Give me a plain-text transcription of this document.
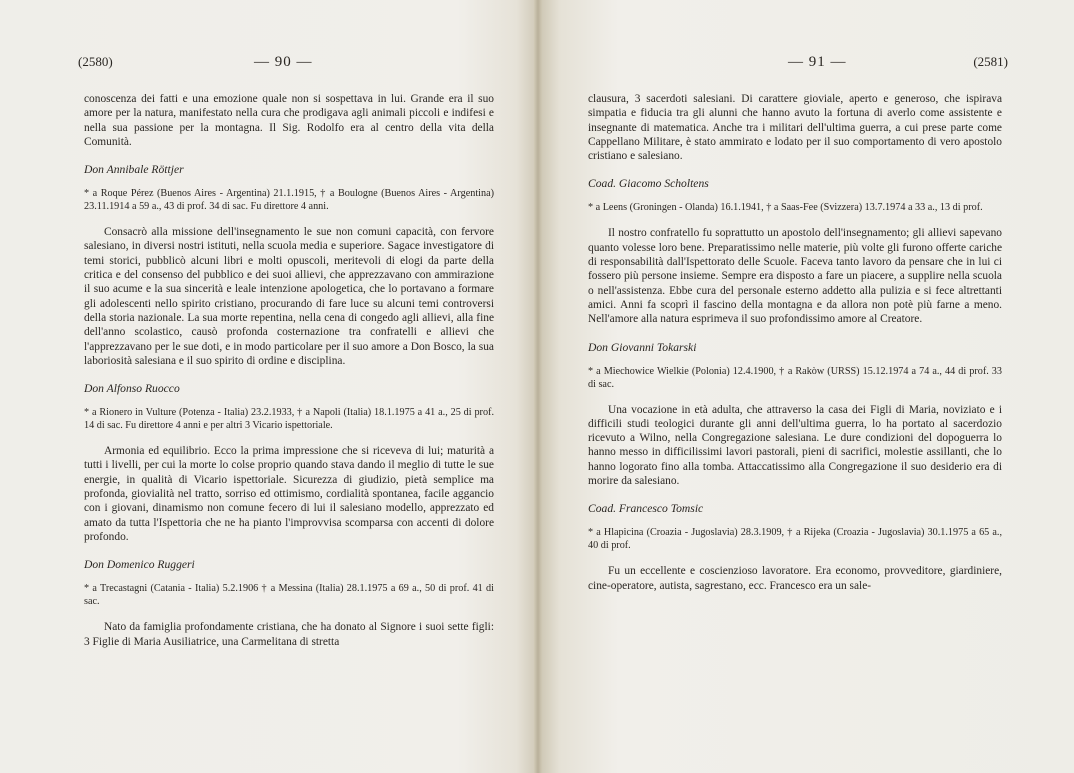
(2580)	— 90 —

conoscenza dei fatti e una emozione quale non si sospettava in lui. Grande era il suo amore per la natura, manifestato nella cura che prodigava agli animali piccoli e indifesi e nella sua passione per la montagna. Il Sig. Rodolfo era al centro della vita della Comunità.

Don Annibale Röttjer

* a Roque Pérez (Buenos Aires - Argentina) 21.1.1915, † a Boulogne (Buenos Aires - Argentina) 23.11.1914 a 59 a., 43 di prof. 34 di sac. Fu direttore 4 anni.

Consacrò alla missione dell'insegnamento le sue non comuni capacità, con fervore salesiano, in diversi nostri istituti, nella scuola media e superiore. Sagace investigatore di temi storici, pubblicò alcuni libri e molti opuscoli, meritevoli di elogi da parte della critica e del consenso del pubblico e dei suoi allievi, che apprezzavano con ammirazione il suo acume e la sua sincerità e leale intenzione apologetica, che lo portavano a formare gli adolescenti nello spirito cristiano, procurando di fare luce su alcuni temi controversi della storia nazionale. La sua morte repentina, nella cena di congedo agli allievi, alla fine dell'anno scolastico, causò profonda costernazione tra confratelli e allievi che l'apprezzavano per le sue doti, e in modo particolare per il suo amore a Don Bosco, la sua laboriosità salesiana e il suo spirito di ordine e disciplina.

Don Alfonso Ruocco

* a Rionero in Vulture (Potenza - Italia) 23.2.1933, † a Napoli (Italia) 18.1.1975 a 41 a., 25 di prof. 14 di sac. Fu direttore 4 anni e per altri 3 Vicario ispettoriale.

Armonia ed equilibrio. Ecco la prima impressione che si riceveva di lui; maturità a tutti i livelli, per cui la morte lo colse proprio quando stava dando il meglio di tutte le sue energie, in qualità di Vicario ispettoriale. Sicurezza di giudizio, pietà semplice ma profonda, giovialità nel tratto, sorriso ed ottimismo, cordialità spontanea, facile aggancio con i giovani, dinamismo non comune fecero di lui il salesiano modello, apprezzato ed amato da tutta l'Ispettoria che ne ha pianto l'improvvisa scomparsa con accenti di dolore profondo.

Don Domenico Ruggeri

* a Trecastagni (Catania - Italia) 5.2.1906 † a Messina (Italia) 28.1.1975 a 69 a., 50 di prof. 41 di sac.

Nato da famiglia profondamente cristiana, che ha donato al Signore i suoi sette figli: 3 Figlie di Maria Ausiliatrice, una Carmelitana di stretta

— 91 —	(2581)

clausura, 3 sacerdoti salesiani. Di carattere gioviale, aperto e generoso, che ispirava simpatia e fiducia tra gli alunni che hanno avuto la fortuna di averlo come assistente e insegnante di matematica. Anche tra i militari dell'ultima guerra, a cui prese parte come Cappellano Militare, è stato ammirato e lodato per il suo comportamento di vero apostolo cristiano e salesiano.

Coad. Giacomo Scholtens

* a Leens (Groningen - Olanda) 16.1.1941, † a Saas-Fee (Svizzera) 13.7.1974 a 33 a., 13 di prof.

Il nostro confratello fu soprattutto un apostolo dell'insegnamento; gli allievi sapevano quanto volesse loro bene. Preparatissimo nelle materie, più volte gli furono offerte cariche di responsabilità dall'Ispettorato delle Scuole. Faceva tanto lavoro da pensare che in lui ci fossero più persone insieme. Sempre era disposto a fare un piacere, a supplire nella scuola o nell'assistenza. Ebbe cura del personale esterno addetto alla pulizia e si fece altrettanti amici. Anni fa scoprì il fascino della montagna e da allora non potè più farne a meno. Nell'amore alla natura esprimeva il suo profondissimo amore al Creatore.

Don Giovanni Tokarski

* a Miechowice Wielkie (Polonia) 12.4.1900, † a Rakòw (URSS) 15.12.1974 a 74 a., 44 di prof. 33 di sac.

Una vocazione in età adulta, che attraverso la casa dei Figli di Maria, noviziato e i difficili studi teologici durante gli anni dell'ultima guerra, lo ha portato al sacerdozio ricevuto a Wilno, nella Congregazione salesiana. Le dure condizioni del dopoguerra lo hanno messo in difficilissimi lavori pastorali, pieni di sacrifici, molestie assillanti, che lo hanno logorato fino alla tomba. Attaccatissimo alla Congregazione il suo desiderio era di morire da salesiano.

Coad. Francesco Tomsic

* a Hlapicina (Croazia - Jugoslavia) 28.3.1909, † a Rijeka (Croazia - Jugoslavia) 30.1.1975 a 65 a., 40 di prof.

Fu un eccellente e coscienzioso lavoratore. Era economo, provveditore, giardiniere, cine-operatore, autista, sagrestano, ecc. Francesco era un sale-
